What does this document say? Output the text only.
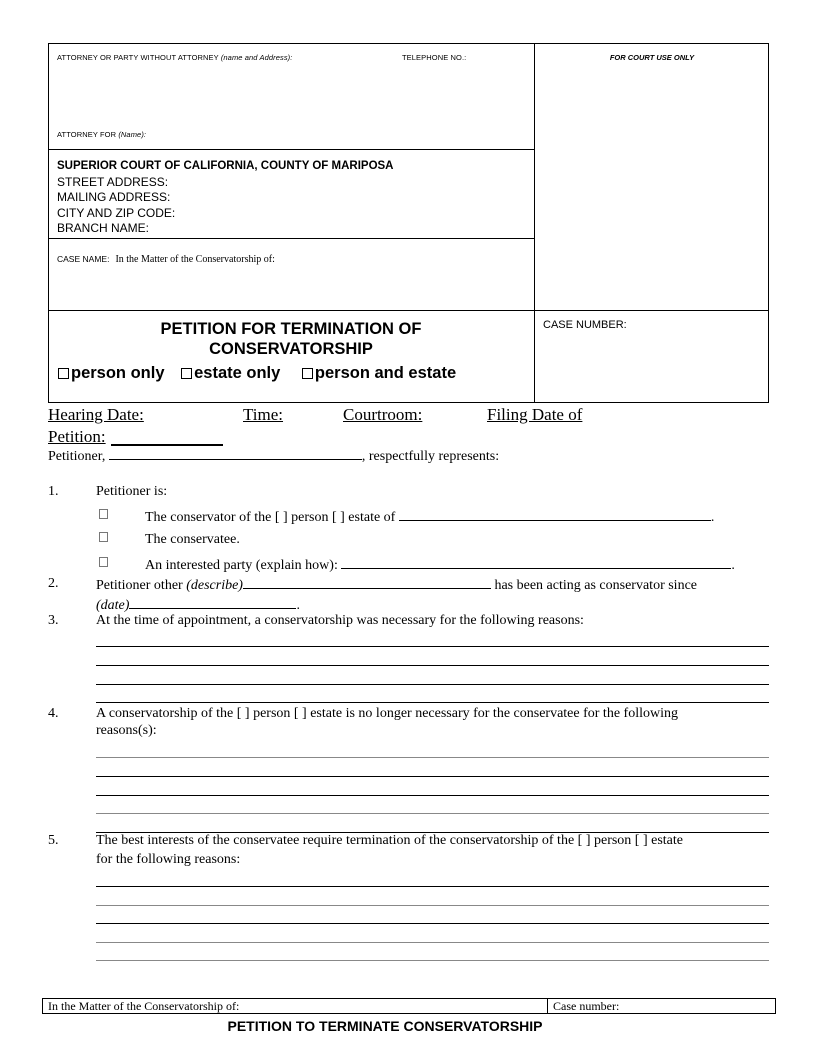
ATTORNEY OR PARTY WITHOUT ATTORNEY (name and Address):	TELEPHONE NO.:
ATTORNEY FOR (Name):
FOR COURT USE ONLY
SUPERIOR COURT OF CALIFORNIA, COUNTY OF MARIPOSA
STREET ADDRESS:
MAILING ADDRESS:
CITY AND ZIP CODE:
BRANCH NAME:
CASE NAME: In the Matter of the Conservatorship of:
PETITION FOR TERMINATION OF
CONSERVATORSHIP
person only estate only person and estate
CASE NUMBER:
Hearing Date:	Time:	Courtroom:	Filing Date of
Petition:
Petitioner,	, respectfully represents:
1.	Petitioner is:
The conservator of the [ ] person [ ] estate of	.
The conservatee.
An interested party (explain how):	.
2.	Petitioner other (describe)	has been acting as conservator since
(date)	.
3.	At the time of appointment, a conservatorship was necessary for the following reasons:
4.	A conservatorship of the [ ] person [ ] estate is no longer necessary for the conservatee for the following
reasons(s):
5.	The best interests of the conservatee require termination of the conservatorship of the [ ] person [ ] estate
for the following reasons:
In the Matter of the Conservatorship of:	Case number:
PETITION TO TERMINATE CONSERVATORSHIP
